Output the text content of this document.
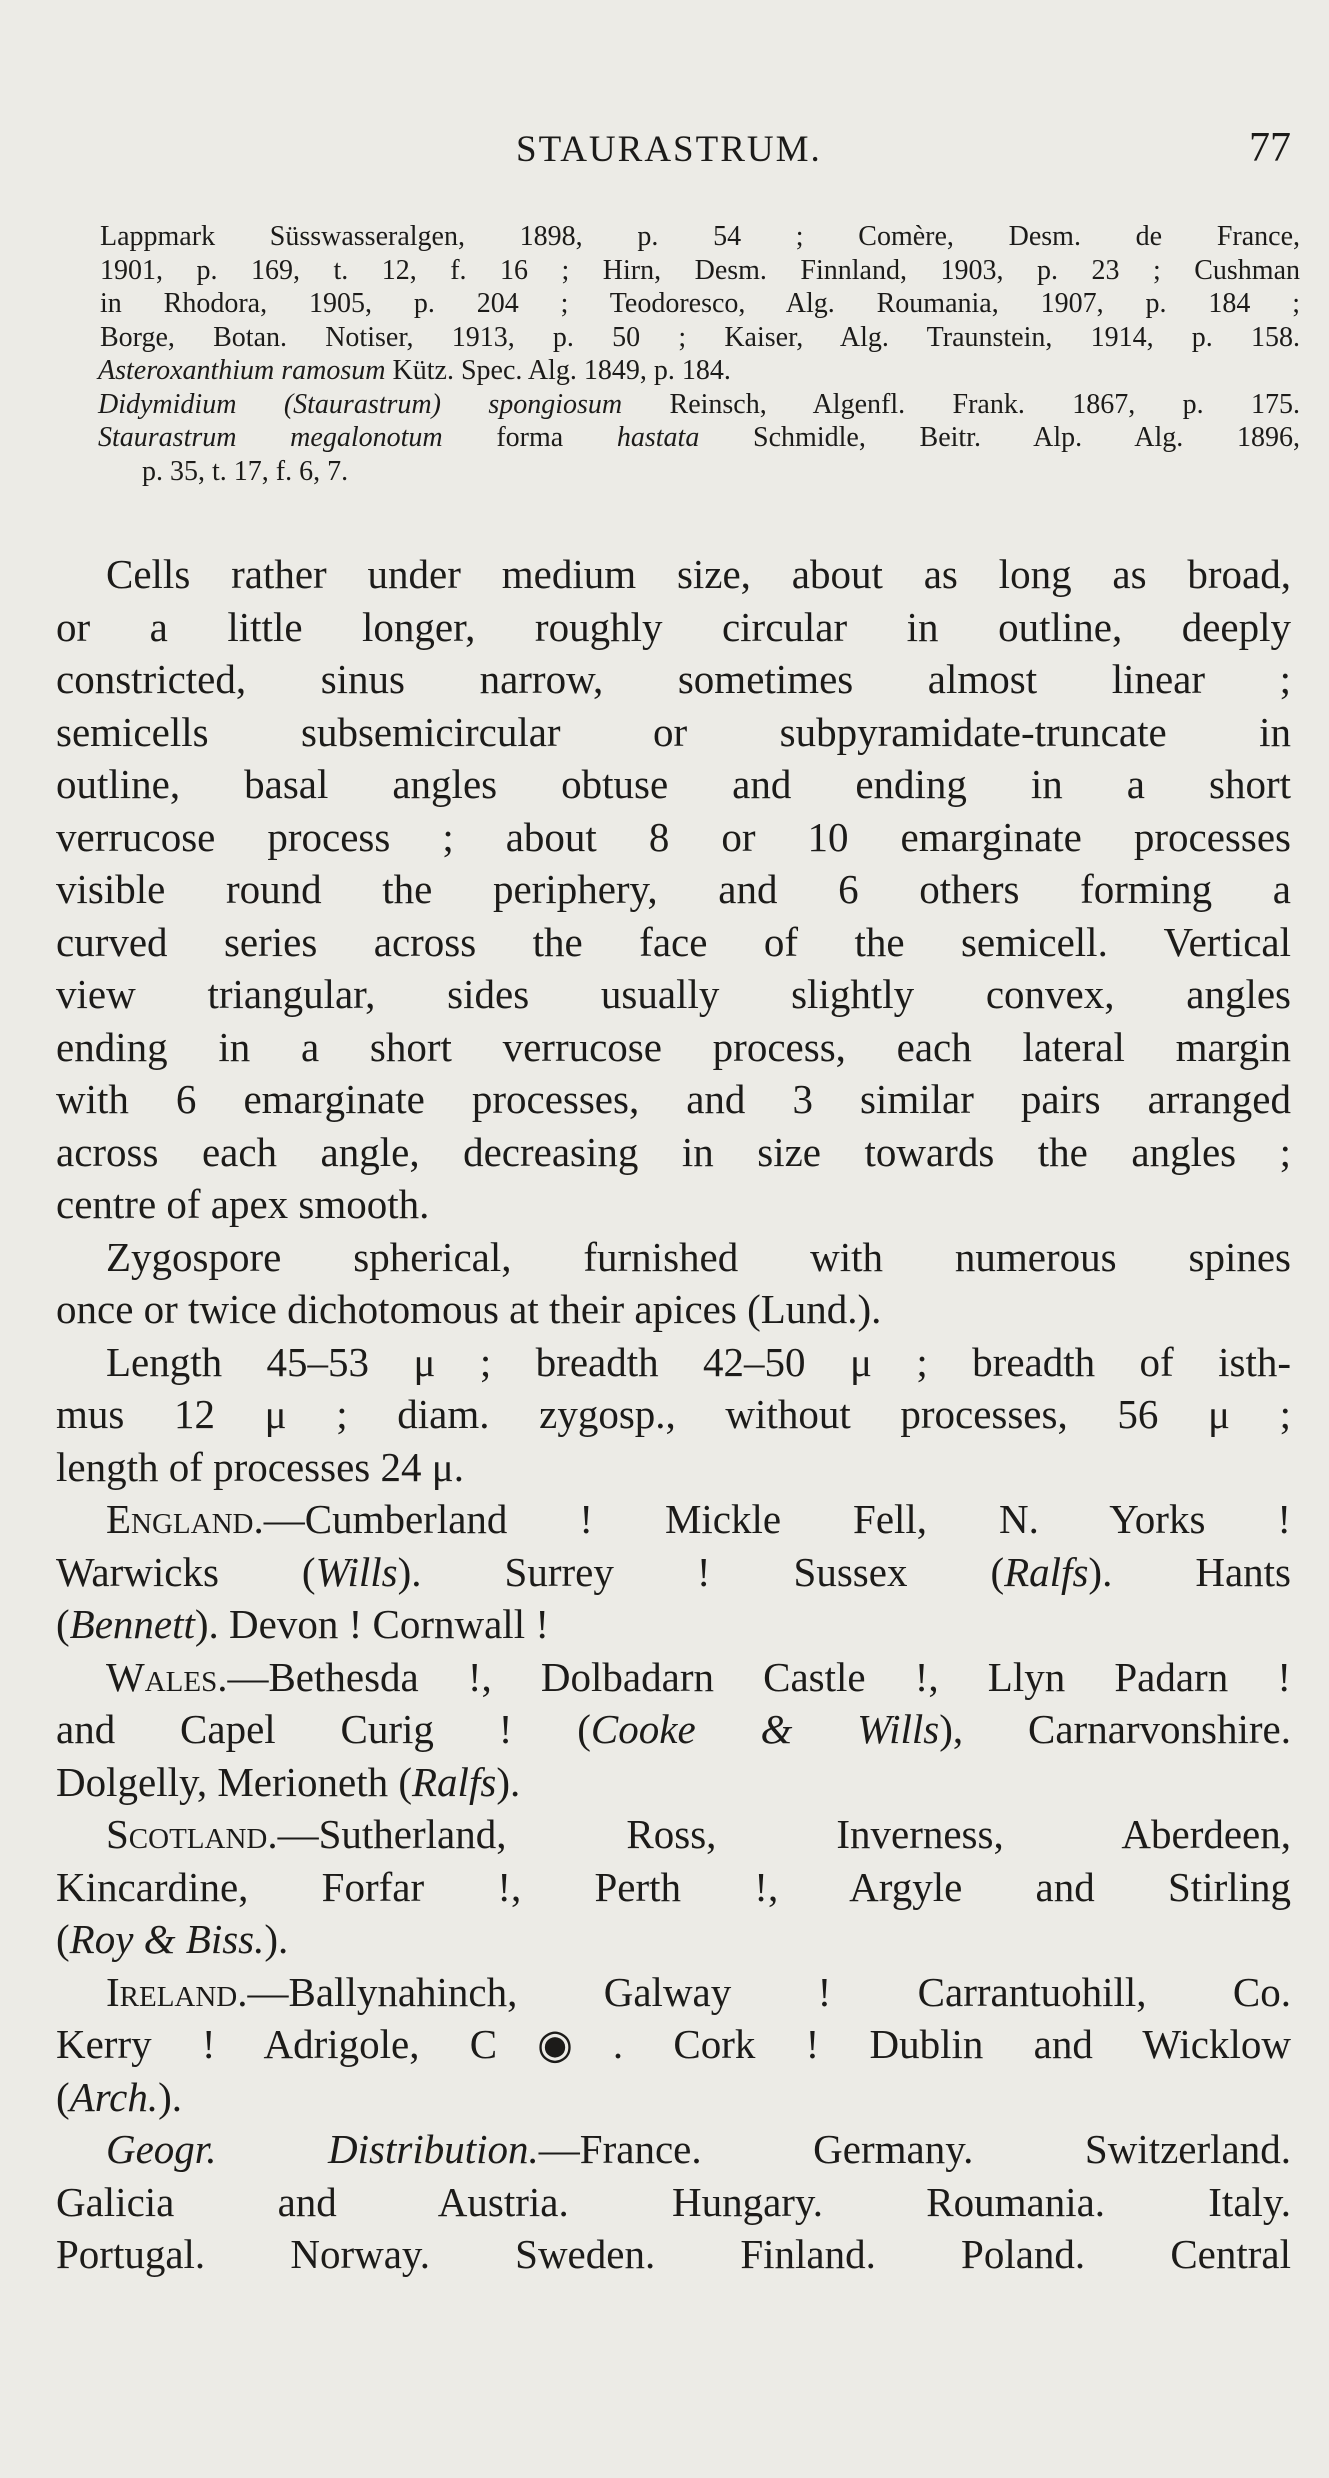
STAURASTRUM.	77
Lappmark Süsswasseralgen, 1898, p. 54 ; Comère, Desm. de France,
1901, p. 169, t. 12, f. 16 ; Hirn, Desm. Finnland, 1903, p. 23 ; Cushman
in Rhodora, 1905, p. 204 ; Teodoresco, Alg. Roumania, 1907, p. 184 ;
Borge, Botan. Notiser, 1913, p. 50 ; Kaiser, Alg. Traunstein, 1914, p. 158.
Asteroxanthium ramosum Kütz. Spec. Alg. 1849, p. 184.
Didymidium (Staurastrum) spongiosum Reinsch, Algenfl. Frank. 1867, p. 175.
Staurastrum megalonotum forma hastata Schmidle, Beitr. Alp. Alg. 1896,
p. 35, t. 17, f. 6, 7.
Cells rather under medium size, about as long as broad,
or a little longer, roughly circular in outline, deeply
constricted, sinus narrow, sometimes almost linear ;
semicells subsemicircular or subpyramidate-truncate in
outline, basal angles obtuse and ending in a short
verrucose process ; about 8 or 10 emarginate processes
visible round the periphery, and 6 others forming a
curved series across the face of the semicell. Vertical
view triangular, sides usually slightly convex, angles
ending in a short verrucose process, each lateral margin
with 6 emarginate processes, and 3 similar pairs arranged
across each angle, decreasing in size towards the angles ;
centre of apex smooth.
Zygospore spherical, furnished with numerous spines
once or twice dichotomous at their apices (Lund.).
Length 45–53 μ ; breadth 42–50 μ ; breadth of isth-
mus 12 μ ; diam. zygosp., without processes, 56 μ ;
length of processes 24 μ.
England.—Cumberland ! Mickle Fell, N. Yorks !
Warwicks (Wills). Surrey ! Sussex (Ralfs). Hants
(Bennett). Devon ! Cornwall !
Wales.—Bethesda !, Dolbadarn Castle !, Llyn Padarn !
and Capel Curig ! (Cooke & Wills), Carnarvonshire.
Dolgelly, Merioneth (Ralfs).
Scotland.—Sutherland, Ross, Inverness, Aberdeen,
Kincardine, Forfar !, Perth !, Argyle and Stirling
(Roy & Biss.).
Ireland.—Ballynahinch, Galway ! Carrantuohill, Co.
Kerry ! Adrigole, C◉. Cork ! Dublin and Wicklow
(Arch.).
Geogr. Distribution.—France. Germany. Switzerland.
Galicia and Austria. Hungary. Roumania. Italy.
Portugal. Norway. Sweden. Finland. Poland. Central
